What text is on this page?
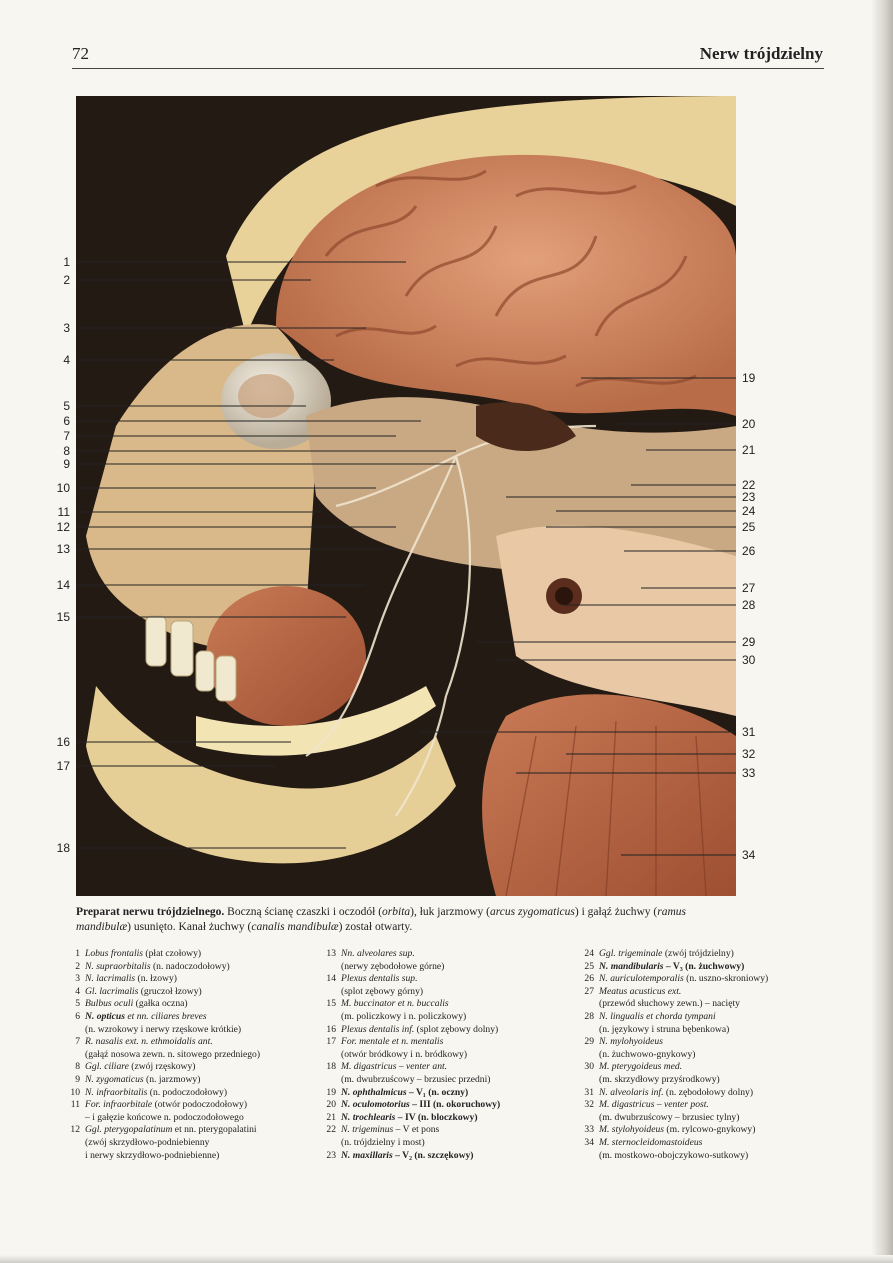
72	Nerw trójdzielny
1
2
3
4
5
6
7
8
9
10
11
12
13
14
15
16
17
18
19
20
21
22
23
24
25
26
27
28
29
30
31
32
33
34
Preparat nerwu trójdzielnego. Boczną ścianę czaszki i oczodół (orbita), łuk jarzmowy (arcus zygomaticus) i gałąź żuchwy (ramus mandibulæ) usunięto. Kanał żuchwy (canalis mandibulæ) został otwarty.
1 Lobus frontalis (płat czołowy)
2 N. supraorbitalis (n. nadoczodołowy)
3 N. lacrimalis (n. łzowy)
4 Gl. lacrimalis (gruczoł łzowy)
5 Bulbus oculi (gałka oczna)
6 N. opticus et nn. ciliares breves
(n. wzrokowy i nerwy rzęskowe krótkie)
7 R. nasalis ext. n. ethmoidalis ant.
(gałąź nosowa zewn. n. sitowego przedniego)
8 Ggl. ciliare (zwój rzęskowy)
9 N. zygomaticus (n. jarzmowy)
10 N. infraorbitalis (n. podoczodołowy)
11 For. infraorbitale (otwór podoczodołowy)
– i gałęzie końcowe n. podoczodołowego
12 Ggl. pterygopalatinum et nn. pterygopalatini
(zwój skrzydłowo-podniebienny
i nerwy skrzydłowo-podniebienne)
13 Nn. alveolares sup.
(nerwy zębodołowe górne)
14 Plexus dentalis sup.
(splot zębowy górny)
15 M. buccinator et n. buccalis
(m. policzkowy i n. policzkowy)
16 Plexus dentalis inf. (splot zębowy dolny)
17 For. mentale et n. mentalis
(otwór bródkowy i n. bródkowy)
18 M. digastricus – venter ant.
(m. dwubrzuścowy – brzusiec przedni)
19 N. ophthalmicus – V₁ (n. oczny)
20 N. oculomotorius – III (n. okoruchowy)
21 N. trochlearis – IV (n. bloczkowy)
22 N. trigeminus – V et pons
(n. trójdzielny i most)
23 N. maxillaris – V₂ (n. szczękowy)
24 Ggl. trigeminale (zwój trójdzielny)
25 N. mandibularis – V₃ (n. żuchwowy)
26 N. auriculotemporalis (n. uszno-skroniowy)
27 Meatus acusticus ext.
(przewód słuchowy zewn.) – nacięty
28 N. lingualis et chorda tympani
(n. językowy i struna bębenkowa)
29 N. mylohyoideus
(n. żuchwowo-gnykowy)
30 M. pterygoideus med.
(m. skrzydłowy przyśrodkowy)
31 N. alveolaris inf. (n. zębodołowy dolny)
32 M. digastricus – venter post.
(m. dwubrzuścowy – brzusiec tylny)
33 M. stylohyoideus (m. rylcowo-gnykowy)
34 M. sternocleidomastoideus
(m. mostkowo-obojczykowo-sutkowy)
